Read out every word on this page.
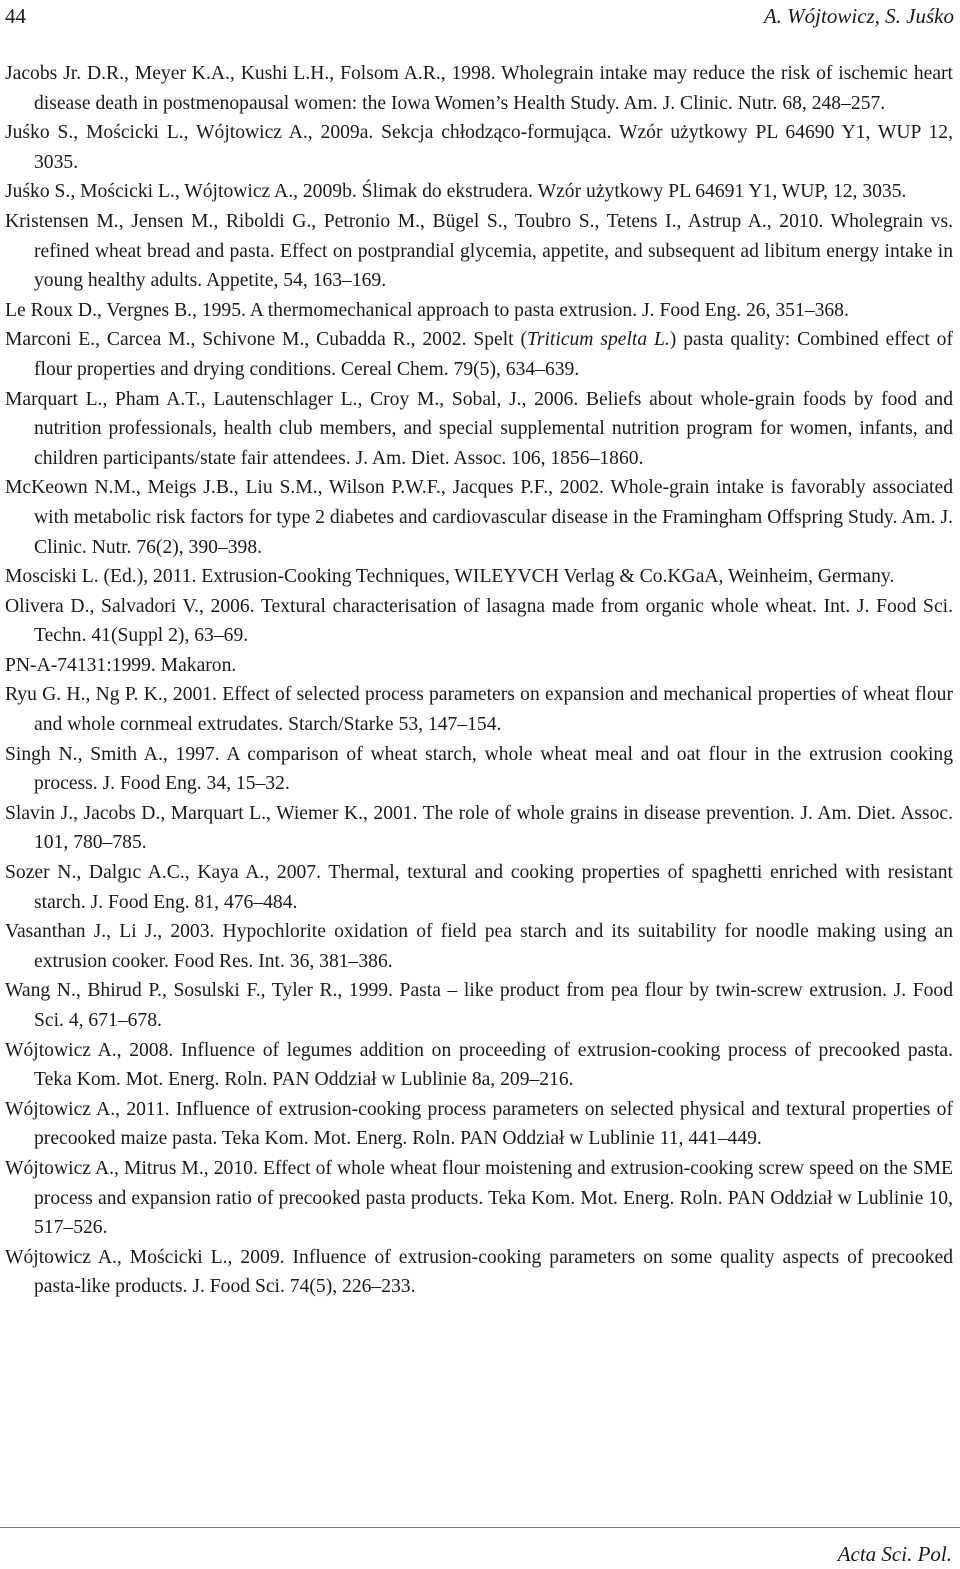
44	A. Wójtowicz, S. Juśko

Jacobs Jr. D.R., Meyer K.A., Kushi L.H., Folsom A.R., 1998. Wholegrain intake may reduce the risk of ischemic heart disease death in postmenopausal women: the Iowa Women’s Health Study. Am. J. Clinic. Nutr. 68, 248–257.

Juśko S., Mościcki L., Wójtowicz A., 2009a. Sekcja chłodząco-formująca. Wzór użytkowy PL 64690 Y1, WUP 12, 3035.

Juśko S., Mościcki L., Wójtowicz A., 2009b. Ślimak do ekstrudera. Wzór użytkowy PL 64691 Y1, WUP, 12, 3035.

Kristensen M., Jensen M., Riboldi G., Petronio M., Bügel S., Toubro S., Tetens I., Astrup A., 2010. Wholegrain vs. refined wheat bread and pasta. Effect on postprandial glycemia, appetite, and subsequent ad libitum energy intake in young healthy adults. Appetite, 54, 163–169.

Le Roux D., Vergnes B., 1995. A thermomechanical approach to pasta extrusion. J. Food Eng. 26, 351–368.

Marconi E., Carcea M., Schivone M., Cubadda R., 2002. Spelt (Triticum spelta L.) pasta quality: Combined effect of flour properties and drying conditions. Cereal Chem. 79(5), 634–639.

Marquart L., Pham A.T., Lautenschlager L., Croy M., Sobal, J., 2006. Beliefs about whole-grain foods by food and nutrition professionals, health club members, and special supplemental nutrition program for women, infants, and children participants/state fair attendees. J. Am. Diet. Assoc. 106, 1856–1860.

McKeown N.M., Meigs J.B., Liu S.M., Wilson P.W.F., Jacques P.F., 2002. Whole-grain intake is favorably associated with metabolic risk factors for type 2 diabetes and cardiovascular disease in the Framingham Offspring Study. Am. J. Clinic. Nutr. 76(2), 390–398.

Mosciski L. (Ed.), 2011. Extrusion-Cooking Techniques, WILEYVCH Verlag & Co.KGaA, Weinheim, Germany.

Olivera D., Salvadori V., 2006. Textural characterisation of lasagna made from organic whole wheat. Int. J. Food Sci. Techn. 41(Suppl 2), 63–69.

PN-A-74131:1999. Makaron.

Ryu G. H., Ng P. K., 2001. Effect of selected process parameters on expansion and mechanical properties of wheat flour and whole cornmeal extrudates. Starch/Starke 53, 147–154.

Singh N., Smith A., 1997. A comparison of wheat starch, whole wheat meal and oat flour in the extrusion cooking process. J. Food Eng. 34, 15–32.

Slavin J., Jacobs D., Marquart L., Wiemer K., 2001. The role of whole grains in disease prevention. J. Am. Diet. Assoc. 101, 780–785.

Sozer N., Dalgıc A.C., Kaya A., 2007. Thermal, textural and cooking properties of spaghetti enriched with resistant starch. J. Food Eng. 81, 476–484.

Vasanthan J., Li J., 2003. Hypochlorite oxidation of field pea starch and its suitability for noodle making using an extrusion cooker. Food Res. Int. 36, 381–386.

Wang N., Bhirud P., Sosulski F., Tyler R., 1999. Pasta – like product from pea flour by twin-screw extrusion. J. Food Sci. 4, 671–678.

Wójtowicz A., 2008. Influence of legumes addition on proceeding of extrusion-cooking process of precooked pasta. Teka Kom. Mot. Energ. Roln. PAN Oddział w Lublinie 8a, 209–216.

Wójtowicz A., 2011. Influence of extrusion-cooking process parameters on selected physical and textural properties of precooked maize pasta. Teka Kom. Mot. Energ. Roln. PAN Oddział w Lublinie 11, 441–449.

Wójtowicz A., Mitrus M., 2010. Effect of whole wheat flour moistening and extrusion-cooking screw speed on the SME process and expansion ratio of precooked pasta products. Teka Kom. Mot. Energ. Roln. PAN Oddział w Lublinie 10, 517–526.

Wójtowicz A., Mościcki L., 2009. Influence of extrusion-cooking parameters on some quality aspects of precooked pasta-like products. J. Food Sci. 74(5), 226–233.

Acta Sci. Pol.
